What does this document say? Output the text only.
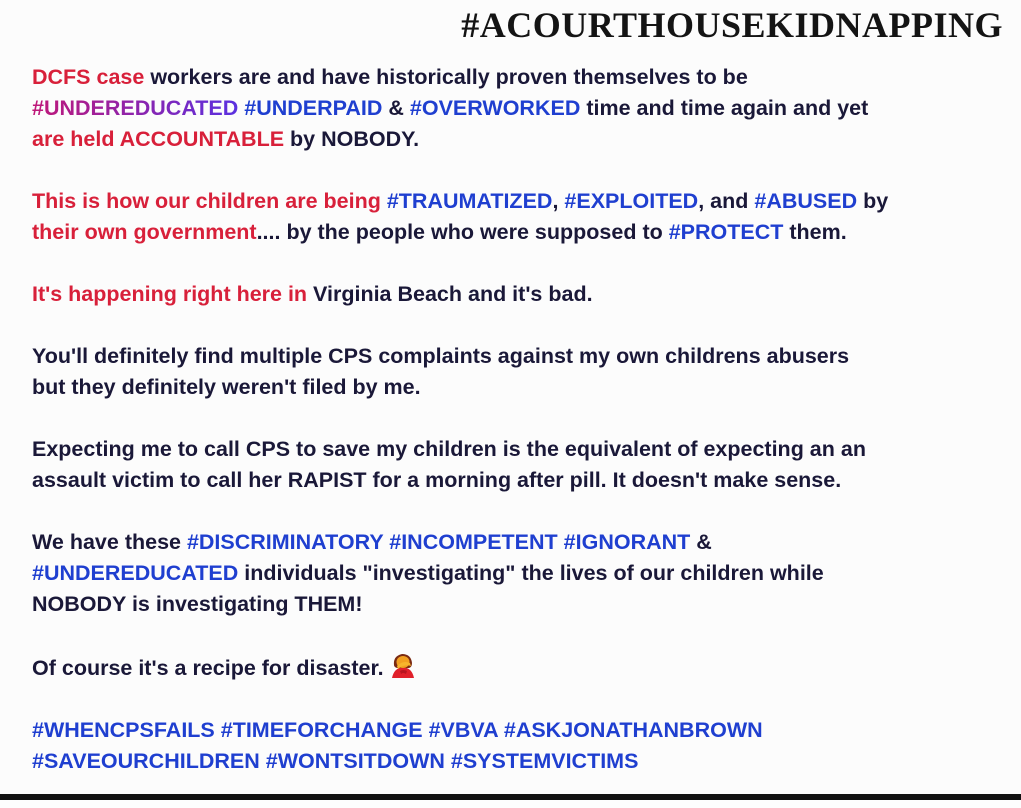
#ACOURTHOUSEKIDNAPPING
DCFS case workers are and have historically proven themselves to be
#UNDEREDUCATED #UNDERPAID & #OVERWORKED time and time again and yet
are held ACCOUNTABLE by NOBODY.
This is how our children are being #TRAUMATIZED, #EXPLOITED, and #ABUSED by
their own government.... by the people who were supposed to #PROTECT them.
It's happening right here in Virginia Beach and it's bad.
You'll definitely find multiple CPS complaints against my own childrens abusers
but they definitely weren't filed by me.
Expecting me to call CPS to save my children is the equivalent of expecting an an
assault victim to call her RAPIST for a morning after pill. It doesn't make sense.
We have these #DISCRIMINATORY #INCOMPETENT #IGNORANT &
#UNDEREDUCATED individuals "investigating" the lives of our children while
NOBODY is investigating THEM!
Of course it's a recipe for disaster.
#WHENCPSFAILS #TIMEFORCHANGE #VBVA #ASKJONATHANBROWN
#SAVEOURCHILDREN #WONTSITDOWN #SYSTEMVICTIMS
